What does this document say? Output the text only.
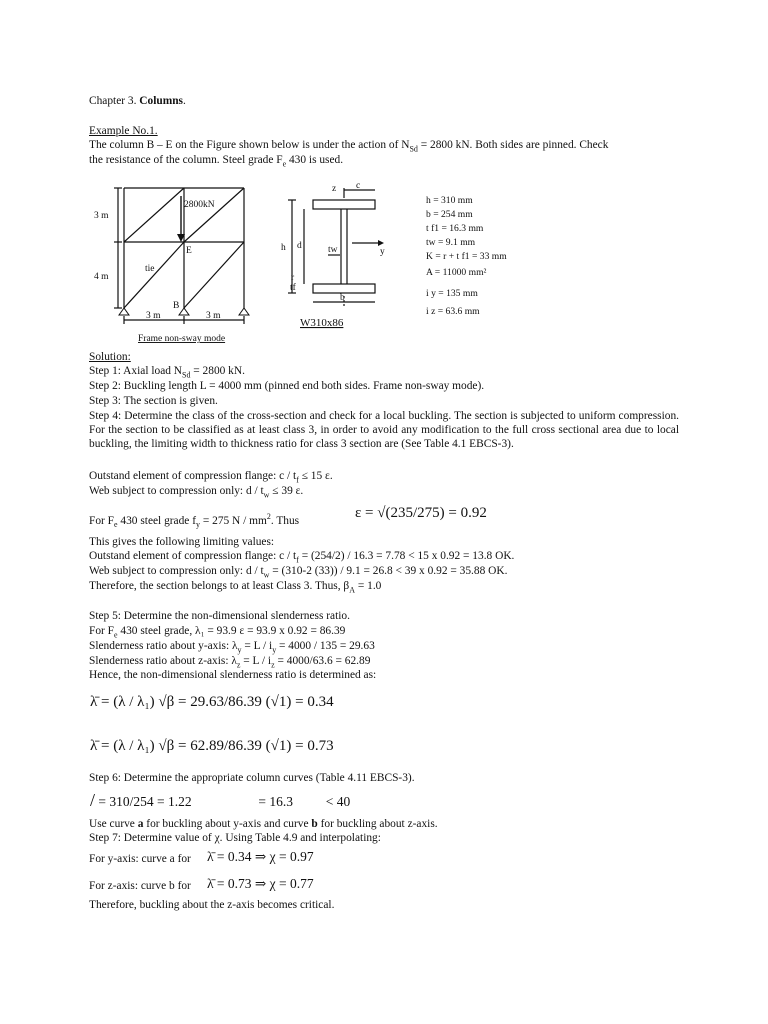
Chapter 3. Columns.
Example No.1.
The column B – E on the Figure shown below is under the action of $N_{Sd} = 2800$ kN. Both sides are pinned. Check
the resistance of the column. Steel grade $F_e$ 430 is used.
2800kN
3 m
4 m
E
B
tie
3 m	3 m
Frame non-sway mode
z c
y
h d	tw
r
tf
b
W310x86
h = 310 mm
b = 254 mm
t f1 = 16.3 mm
tw = 9.1 mm
K = r + t f1 = 33 mm
A = 11000 mm²
i y = 135 mm
i z = 63.6 mm
Solution:
Step 1: Axial load $N_{Sd} = 2800$ kN.
Step 2: Buckling length L = 4000 mm (pinned end both sides. Frame non-sway mode).
Step 3: The section is given.
Step 4: Determine the class of the cross-section and check for a local buckling. The section is subjected to uniform compression. For the section to be classified as at least class 3, in order to avoid any modification to the full cross sectional area due to local buckling, the limiting width to thickness ratio for class 3 section are (See Table 4.1 EBCS-3).
Outstand element of compression flange: $c / t_f \le 15$ ε.
Web subject to compression only: $d / t_w \le 39$ ε.
For $F_e$ 430 steel grade $f_y = 275$ N / $mm^2$. Thus	ε = √(235/275) = 0.92
This gives the following limiting values:
Outstand element of compression flange: $c / t_f = (254/2) / 16.3 = 7.78 < 15$ x 0.92 = 13.8 OK.
Web subject to compression only: $d / t_w = (310-2$ (33)) / 9.1 = 26.8 < 39 x 0.92 = 35.88 OK.
Therefore, the section belongs to at least Class 3. Thus, $\beta_A = 1.0$
Step 5: Determine the non-dimensional slenderness ratio.
For $F_e$ 430 steel grade, λ₁ = 93.9 ε = 93.9 x 0.92 = 86.39
Slenderness ratio about y-axis: $\lambda_y = L / i_y = 4000 / 135 = 29.63$
Slenderness ratio about z-axis: $\lambda_z = L / i_z = 4000/63.6 = 62.89$
Hence, the non-dimensional slenderness ratio is determined as:
λ̄ = (λ / λ₁) √β = 29.63/86.39 (√1) = 0.34
λ̄ = (λ / λ₁) √β = 62.89/86.39 (√1) = 0.73
Step 6: Determine the appropriate column curves (Table 4.11 EBCS-3).
/ = 310/254 = 1.22	= 16.3 < 40
Use curve a for buckling about y-axis and curve b for buckling about z-axis.
Step 7: Determine value of χ. Using Table 4.9 and interpolating:
For y-axis: curve a for λ̄ = 0.34 ⇒ χ = 0.97
For z-axis: curve b for λ̄ = 0.73 ⇒ χ = 0.77
Therefore, buckling about the z-axis becomes critical.
